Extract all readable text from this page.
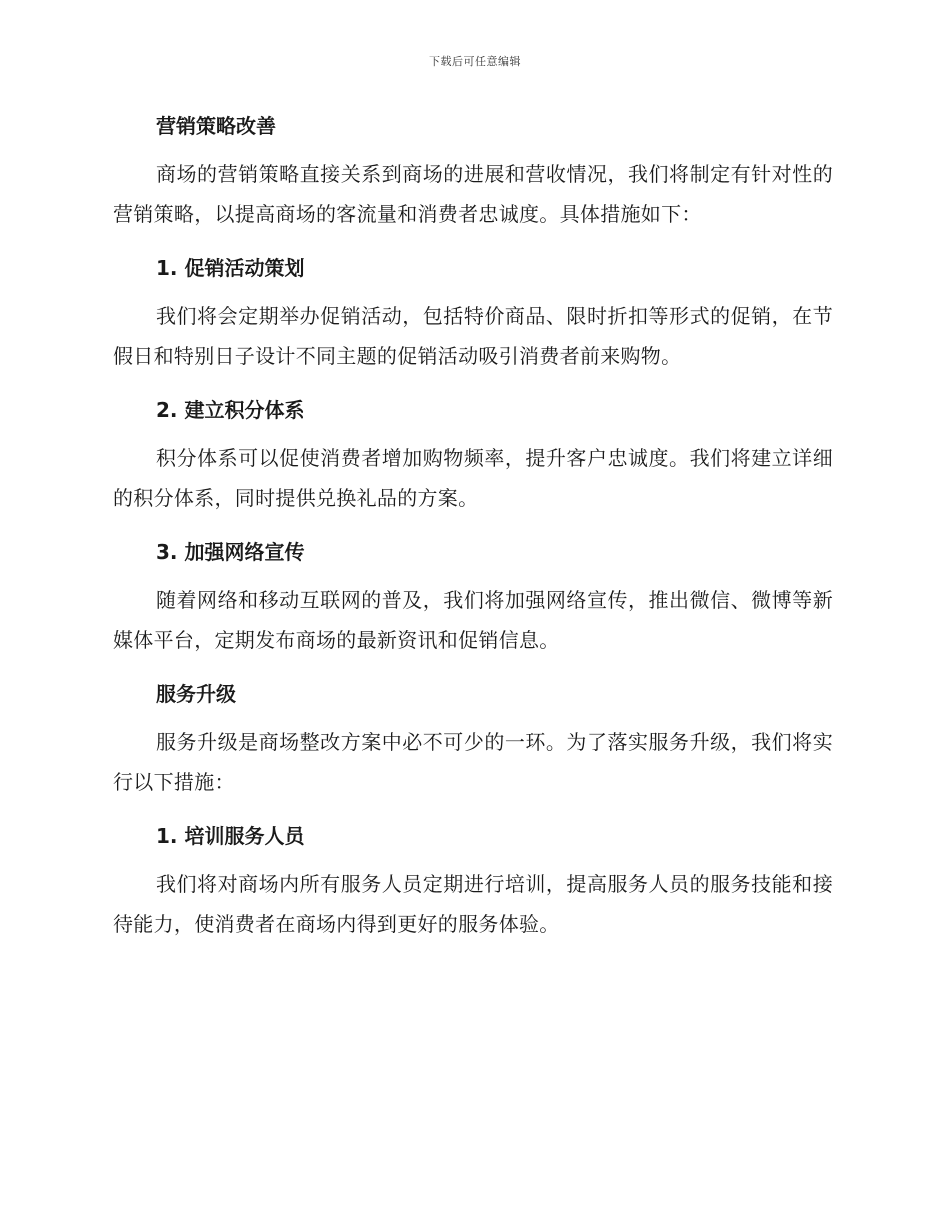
下载后可任意编辑
营销策略改善

商场的营销策略直接关系到商场的进展和营收情况，我们将制定有针对性的营销策略，以提高商场的客流量和消费者忠诚度。具体措施如下：

1. 促销活动策划

我们将会定期举办促销活动，包括特价商品、限时折扣等形式的促销，在节假日和特别日子设计不同主题的促销活动吸引消费者前来购物。

2. 建立积分体系

积分体系可以促使消费者增加购物频率，提升客户忠诚度。我们将建立详细的积分体系，同时提供兑换礼品的方案。

3. 加强网络宣传

随着网络和移动互联网的普及，我们将加强网络宣传，推出微信、微博等新媒体平台，定期发布商场的最新资讯和促销信息。

服务升级

服务升级是商场整改方案中必不可少的一环。为了落实服务升级，我们将实行以下措施：

1. 培训服务人员

我们将对商场内所有服务人员定期进行培训，提高服务人员的服务技能和接待能力，使消费者在商场内得到更好的服务体验。
